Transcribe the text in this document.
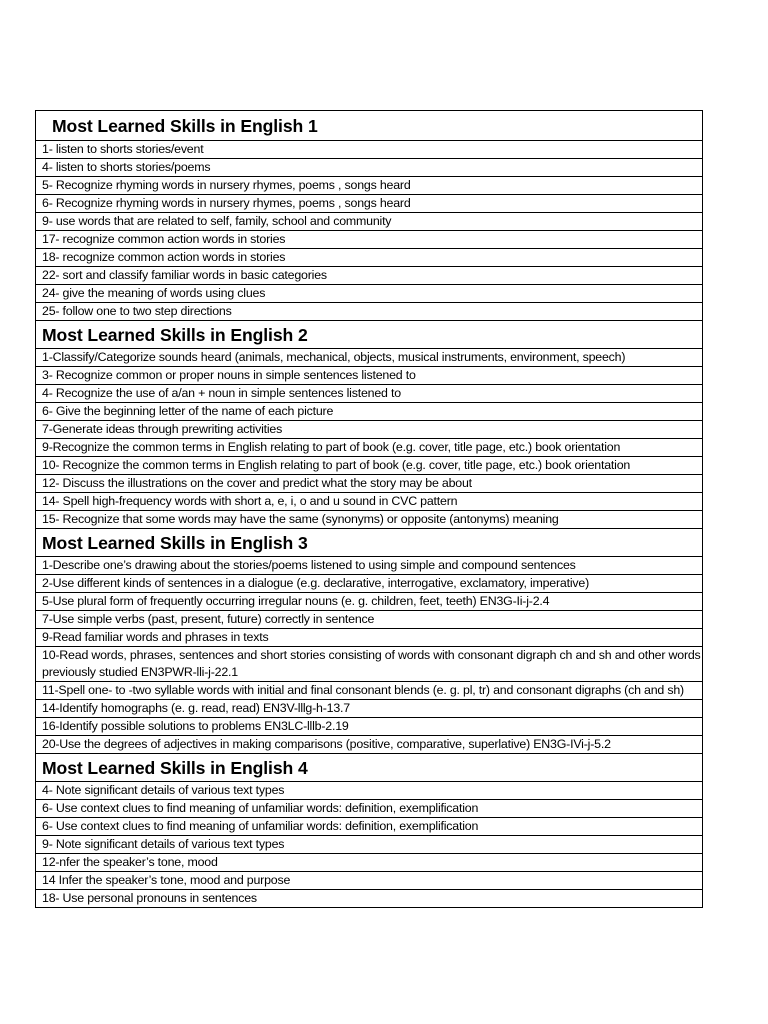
Most Learned Skills in English 1
1- listen to shorts stories/event
4- listen to shorts stories/poems
5- Recognize rhyming words in nursery rhymes, poems , songs heard
6- Recognize rhyming words in nursery rhymes, poems , songs heard
9- use words that are related to self, family, school and community
17- recognize common action words in stories
18- recognize common action words in stories
22- sort and classify familiar words in basic categories
24- give the meaning of words using clues
25- follow one to two step directions
Most Learned Skills in English 2
1-Classify/Categorize sounds heard (animals, mechanical, objects, musical instruments, environment, speech)
3- Recognize common or proper nouns in simple sentences listened to
4- Recognize the use of a/an + noun in simple sentences listened to
6- Give the beginning letter of the name of each picture
7-Generate ideas through prewriting activities
9-Recognize the common terms in English relating to part of book (e.g. cover, title page, etc.) book orientation
10- Recognize the common terms in English relating to part of book (e.g. cover, title page, etc.) book orientation
12- Discuss the illustrations on the cover and predict what the story may be about
14- Spell high-frequency words with short a, e, i, o and u sound in CVC pattern
15- Recognize that some words may have the same (synonyms) or opposite (antonyms) meaning
Most Learned Skills in English 3
1-Describe one’s drawing about the stories/poems listened to using simple and compound sentences
2-Use different kinds of sentences in a dialogue (e.g. declarative, interrogative, exclamatory, imperative)
5-Use plural form of frequently occurring irregular nouns (e. g. children, feet, teeth) EN3G-Ii-j-2.4
7-Use simple verbs (past, present, future) correctly in sentence
9-Read familiar words and phrases in texts
10-Read words, phrases, sentences and short stories consisting of words with consonant digraph ch and sh and other words previously studied EN3PWR-lli-j-22.1
11-Spell one- to -two syllable words with initial and final consonant blends (e. g. pl, tr) and consonant digraphs (ch and sh)
14-Identify homographs (e. g. read, read) EN3V-lllg-h-13.7
16-Identify possible solutions to problems EN3LC-lllb-2.19
20-Use the degrees of adjectives in making comparisons (positive, comparative, superlative) EN3G-IVi-j-5.2
Most Learned Skills in English 4
4- Note significant details of various text types
6- Use context clues to find meaning of unfamiliar words: definition, exemplification
6- Use context clues to find meaning of unfamiliar words: definition, exemplification
9- Note significant details of various text types
12-nfer the speaker’s tone, mood
14 Infer the speaker’s tone, mood and purpose
18- Use personal pronouns in sentences
